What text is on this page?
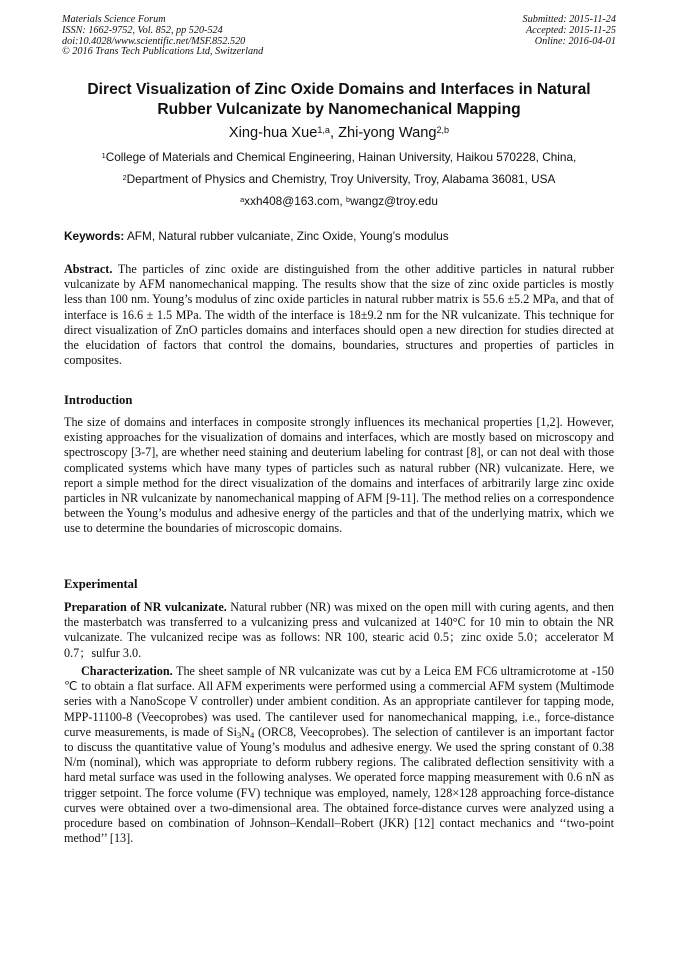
Materials Science Forum
ISSN: 1662-9752, Vol. 852, pp 520-524
doi:10.4028/www.scientific.net/MSF.852.520
© 2016 Trans Tech Publications Ltd, Switzerland
Submitted: 2015-11-24
Accepted: 2015-11-25
Online: 2016-04-01
Direct Visualization of Zinc Oxide Domains and Interfaces in Natural
Rubber Vulcanizate by Nanomechanical Mapping
Xing-hua Xue$^{1,a}$, Zhi-yong Wang$^{2,b}$
$^1$College of Materials and Chemical Engineering, Hainan University, Haikou 570228, China,
$^2$Department of Physics and Chemistry, Troy University, Troy, Alabama 36081, USA
$^a$xxh408@163.com, $^b$wangz@troy.edu
Keywords: AFM, Natural rubber vulcaniate, Zinc Oxide, Young’s modulus
Abstract. The particles of zinc oxide are distinguished from the other additive particles in natural rubber vulcanizate by AFM nanomechanical mapping. The results show that the size of zinc oxide particles is mostly less than 100 nm. Young’s modulus of zinc oxide particles in natural rubber matrix is 55.6 ±5.2 MPa, and that of interface is 16.6 ± 1.5 MPa. The width of the interface is 18±9.2 nm for the NR vulcanizate. This technique for direct visualization of ZnO particles domains and interfaces should open a new direction for studies directed at the elucidation of factors that control the domains, boundaries, structures and properties of particles in composites.
Introduction
The size of domains and interfaces in composite strongly influences its mechanical properties [1,2]. However, existing approaches for the visualization of domains and interfaces, which are mostly based on microscopy and spectroscopy [3-7], are whether need staining and deuterium labeling for contrast [8], or can not deal with those complicated systems which have many types of particles such as natural rubber (NR) vulcanizate. Here, we report a simple method for the direct visualization of the domains and interfaces of arbitrarily large zinc oxide particles in NR vulcanizate by nanomechanical mapping of AFM [9-11]. The method relies on a correspondence between the Young’s modulus and adhesive energy of the particles and that of the underlying matrix, which we use to determine the boundaries of microscopic domains.
Experimental
Preparation of NR vulcanizate. Natural rubber (NR) was mixed on the open mill with curing agents, and then the masterbatch was transferred to a vulcanizing press and vulcanized at 140°C for 10 min to obtain the NR vulcanizate. The vulcanized recipe was as follows: NR 100, stearic acid 0.5；zinc oxide 5.0；accelerator M 0.7；sulfur 3.0.
Characterization. The sheet sample of NR vulcanizate was cut by a Leica EM FC6 ultramicrotome at -150 ℃ to obtain a flat surface. All AFM experiments were performed using a commercial AFM system (Multimode series with a NanoScope V controller) under ambient condition. As an appropriate cantilever for tapping mode, MPP-11100-8 (Veecoprobes) was used. The cantilever used for nanomechanical mapping, i.e., force-distance curve measurements, is made of $Si_3N_4$ (ORC8, Veecoprobes). The selection of cantilever is an important factor to discuss the quantitative value of Young’s modulus and adhesive energy. We used the spring constant of 0.38 N/m (nominal), which was appropriate to deform rubbery regions. The calibrated deflection sensitivity with a hard metal surface was used in the following analyses. We operated force mapping measurement with 0.6 nN as trigger setpoint. The force volume (FV) technique was employed, namely, 128×128 approaching force-distance curves were obtained over a two-dimensional area. The obtained force-distance curves were analyzed using a procedure based on combination of Johnson–Kendall–Robert (JKR) [12] contact mechanics and ‘‘two-point method’’ [13].
